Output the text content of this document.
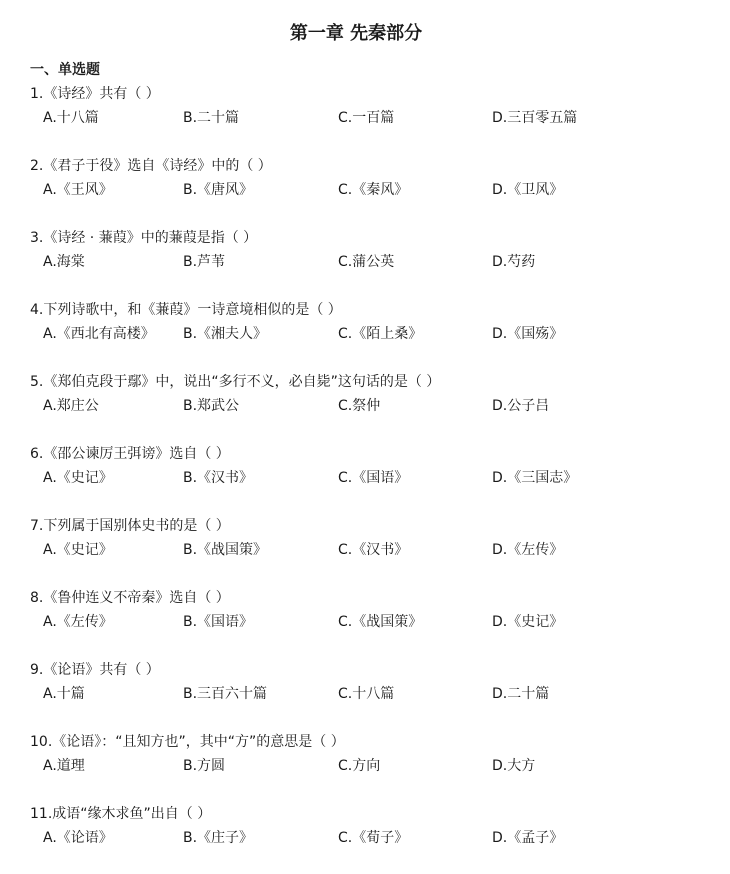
第一章 先秦部分
一、单选题
1.《诗经》共有（ ）
A.十八篇	B.二十篇	C.一百篇	D.三百零五篇
2.《君子于役》选自《诗经》中的（ ）
A.《王风》	B.《唐风》	C.《秦风》	D.《卫风》
3.《诗经 · 蒹葭》中的蒹葭是指（ ）
A.海棠	B.芦苇	C.蒲公英	D.芍药
4.下列诗歌中，和《蒹葭》一诗意境相似的是（ ）
A.《西北有高楼》 B.《湘夫人》	C.《陌上桑》	D.《国殇》
5.《郑伯克段于鄢》中，说出“多行不义，必自毙”这句话的是（ ）
A.郑庄公	B.郑武公	C.祭仲	D.公子吕
6.《邵公谏厉王弭谤》选自（ ）
A.《史记》	B.《汉书》	C.《国语》	D.《三国志》
7.下列属于国别体史书的是（ ）
A.《史记》	B.《战国策》	C.《汉书》	D.《左传》
8.《鲁仲连义不帝秦》选自（ ）
A.《左传》	B.《国语》	C.《战国策》	D.《史记》
9.《论语》共有（ ）
A.十篇	B.三百六十篇	C.十八篇	D.二十篇
10.《论语》：“且知方也”，其中“方”的意思是（ ）
A.道理	B.方圆	C.方向	D.大方
11.成语“缘木求鱼”出自（ ）
A.《论语》	B.《庄子》	C.《荀子》	D.《孟子》
